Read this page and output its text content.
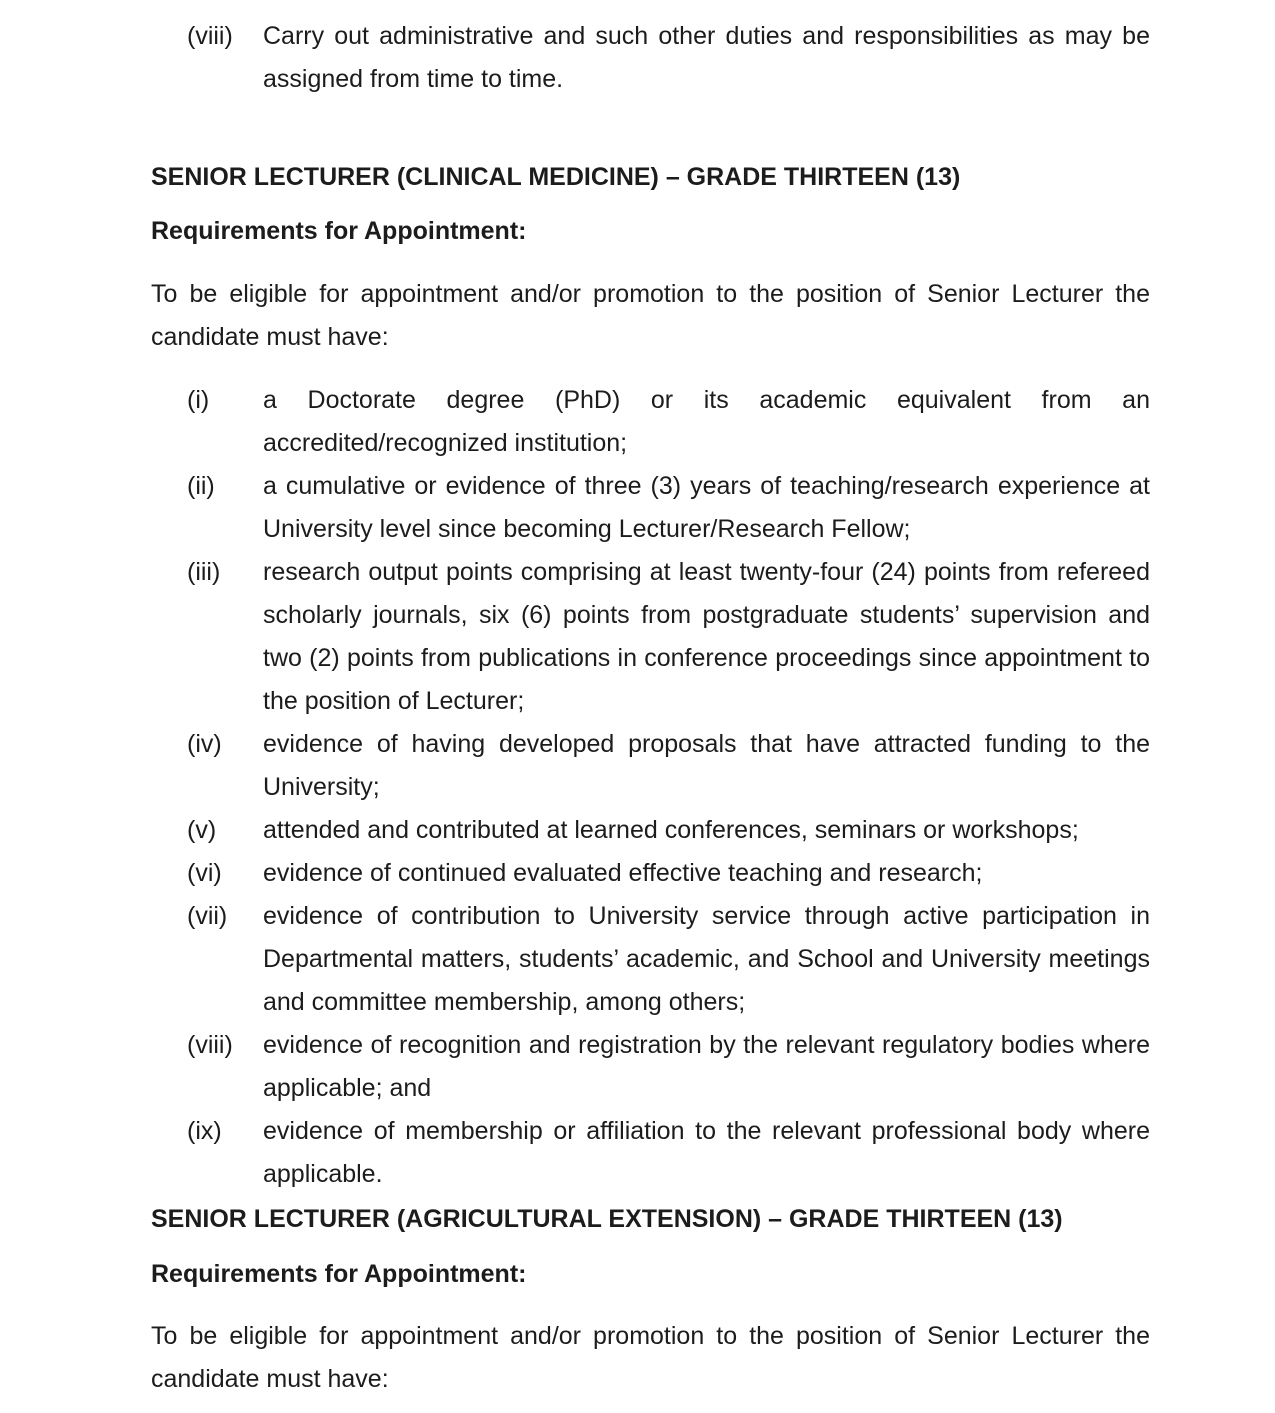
(viii)	Carry out administrative and such other duties and responsibilities as may be assigned from time to time.
SENIOR LECTURER (CLINICAL MEDICINE) – GRADE THIRTEEN (13)
Requirements for Appointment:
To be eligible for appointment and/or promotion to the position of Senior Lecturer the candidate must have:
(i)	a Doctorate degree (PhD) or its academic equivalent from an accredited/recognized institution;
(ii)	a cumulative or evidence of three (3) years of teaching/research experience at University level since becoming Lecturer/Research Fellow;
(iii)	research output points comprising at least twenty-four (24) points from refereed scholarly journals, six (6) points from postgraduate students’ supervision and two (2) points from publications in conference proceedings since appointment to the position of Lecturer;
(iv)	evidence of having developed proposals that have attracted funding to the University;
(v)	attended and contributed at learned conferences, seminars or workshops;
(vi)	evidence of continued evaluated effective teaching and research;
(vii)	evidence of contribution to University service through active participation in Departmental matters, students’ academic, and School and University meetings and committee membership, among others;
(viii)	evidence of recognition and registration by the relevant regulatory bodies where applicable; and
(ix)	evidence of membership or affiliation to the relevant professional body where applicable.
SENIOR LECTURER (AGRICULTURAL EXTENSION) – GRADE THIRTEEN (13)
Requirements for Appointment:
To be eligible for appointment and/or promotion to the position of Senior Lecturer the candidate must have:
